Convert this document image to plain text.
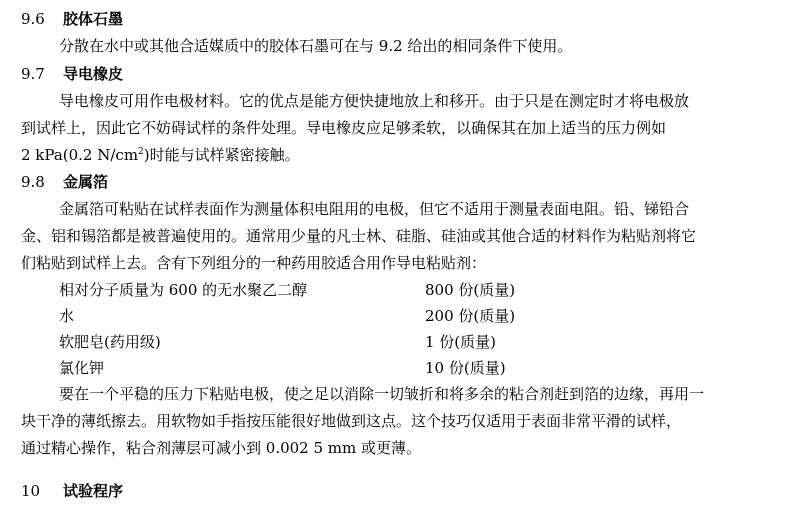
9.6 胶体石墨
分散在水中或其他合适媒质中的胶体石墨可在与 9.2 给出的相同条件下使用。
9.7 导电橡皮
导电橡皮可用作电极材料。它的优点是能方便快捷地放上和移开。由于只是在测定时才将电极放
到试样上，因此它不妨碍试样的条件处理。导电橡皮应足够柔软，以确保其在加上适当的压力例如
2 kPa(0.2 $N/cm^2$)时能与试样紧密接触。
9.8 金属箔
金属箔可粘贴在试样表面作为测量体积电阻用的电极，但它不适用于测量表面电阻。铅、锑铅合
金、铝和锡箔都是被普遍使用的。通常用少量的凡士林、硅脂、硅油或其他合适的材料作为粘贴剂将它
们粘贴到试样上去。含有下列组分的一种药用胶适合用作导电粘贴剂：
相对分子质量为 600 的无水聚乙二醇	800 份(质量)
水	200 份(质量)
软肥皂(药用级)	1 份(质量)
氯化钾	10 份(质量)
要在一个平稳的压力下粘贴电极，使之足以消除一切皱折和将多余的粘合剂赶到箔的边缘，再用一
块干净的薄纸擦去。用软物如手指按压能很好地做到这点。这个技巧仅适用于表面非常平滑的试样，
通过精心操作，粘合剂薄层可减小到 0.002 5 mm 或更薄。
10 试验程序
